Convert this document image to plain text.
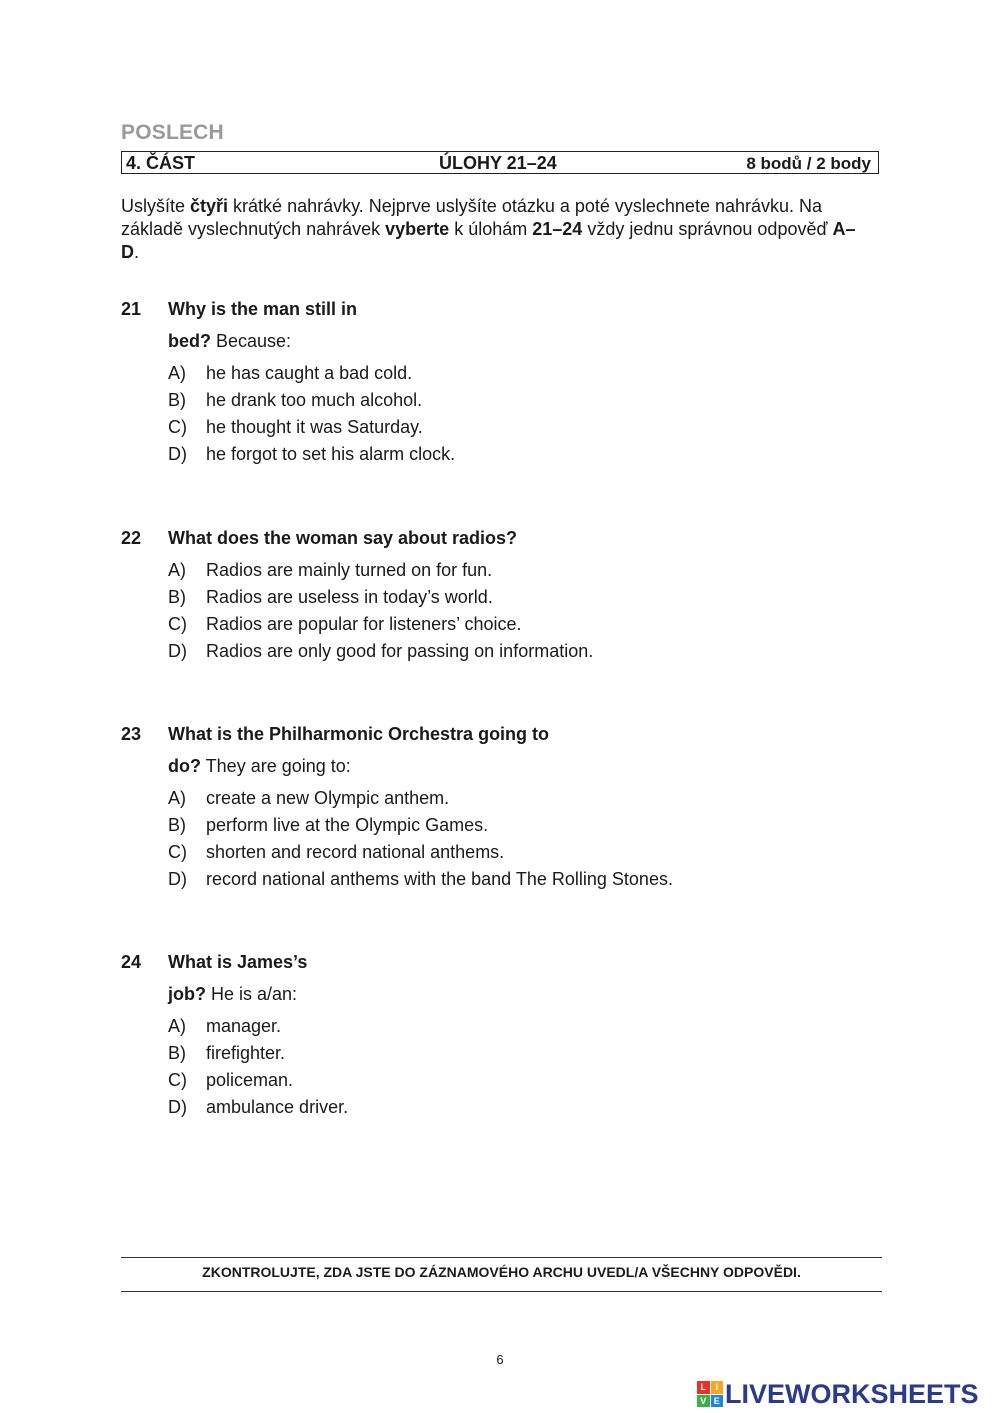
POSLECH
4. ČÁST	ÚLOHY 21–24	8 bodů / 2 body
Uslyšíte čtyři krátké nahrávky. Nejprve uslyšíte otázku a poté vyslechnete nahrávku. Na základě vyslechnutých nahrávek vyberte k úlohám 21–24 vždy jednu správnou odpověď A–D.
21 Why is the man still in
bed? Because:
A) he has caught a bad cold.
B) he drank too much alcohol.
C) he thought it was Saturday.
D) he forgot to set his alarm clock.
22 What does the woman say about radios?
A) Radios are mainly turned on for fun.
B) Radios are useless in today’s world.
C) Radios are popular for listeners’ choice.
D) Radios are only good for passing on information.
23 What is the Philharmonic Orchestra going to
do? They are going to:
A) create a new Olympic anthem.
B) perform live at the Olympic Games.
C) shorten and record national anthems.
D) record national anthems with the band The Rolling Stones.
24 What is James’s
job? He is a/an:
A) manager.
B) firefighter.
C) policeman.
D) ambulance driver.
ZKONTROLUJTE, ZDA JSTE DO ZÁZNAMOVÉHO ARCHU UVEDL/A VŠECHNY ODPOVĚDI.
6
L	I
V E LIVEWORKSHEETS
